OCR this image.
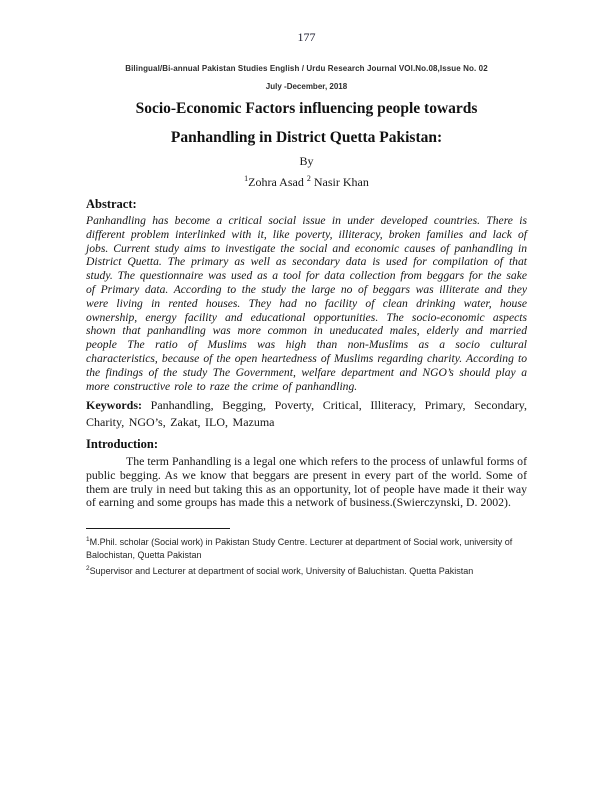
177
Bilingual/Bi-annual Pakistan Studies English / Urdu Research Journal VOl.No.08,Issue No. 02
July -December, 2018
Socio-Economic Factors influencing people towards
Panhandling in District Quetta Pakistan:
By
$^1$Zohra Asad $^2$ Nasir Khan
Abstract:

Panhandling has become a critical social issue in under developed countries. There is different problem interlinked with it, like poverty, illiteracy, broken families and lack of jobs. Current study aims to investigate the social and economic causes of panhandling in District Quetta. The primary as well as secondary data is used for compilation of that study. The questionnaire was used as a tool for data collection from beggars for the sake of Primary data. According to the study the large no of beggars was illiterate and they were living in rented houses. They had no facility of clean drinking water, house ownership, energy facility and educational opportunities. The socio-economic aspects shown that panhandling was more common in uneducated males, elderly and married people The ratio of Muslims was high than non-Muslims as a socio cultural characteristics, because of the open heartedness of Muslims regarding charity. According to the findings of the study The Government, welfare department and NGO’s should play a more constructive role to raze the crime of panhandling.

Keywords: Panhandling, Begging, Poverty, Critical, Illiteracy, Primary, Secondary, Charity, NGO’s, Zakat, ILO, Mazuma

Introduction:

The term Panhandling is a legal one which refers to the process of unlawful forms of public begging. As we know that beggars are present in every part of the world. Some of them are truly in need but taking this as an opportunity, lot of people have made it their way of earning and some groups has made this a network of business.(Swierczynski, D. 2002).

$^1$M.Phil. scholar (Social work) in Pakistan Study Centre. Lecturer at department of Social work, university of Balochistan, Quetta Pakistan
$^2$Supervisor and Lecturer at department of social work, University of Baluchistan. Quetta Pakistan
